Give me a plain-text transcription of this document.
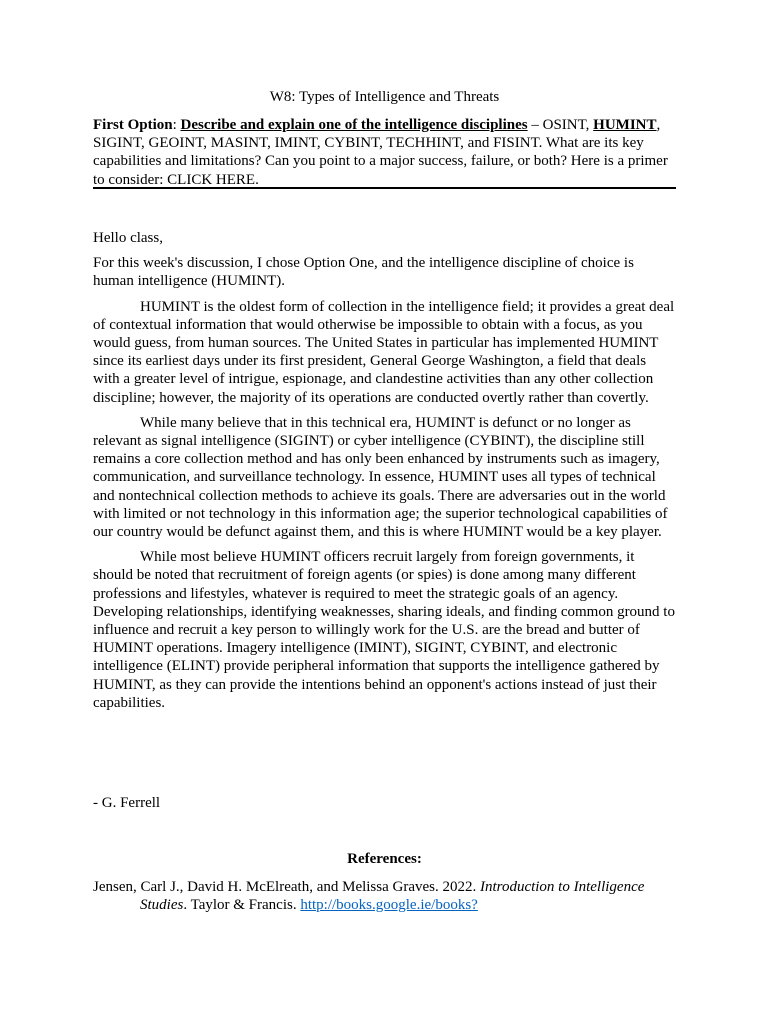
W8: Types of Intelligence and Threats

First Option: Describe and explain one of the intelligence disciplines – OSINT, HUMINT, SIGINT, GEOINT, MASINT, IMINT, CYBINT, TECHHINT, and FISINT. What are its key capabilities and limitations? Can you point to a major success, failure, or both? Here is a primer to consider: CLICK HERE.

Hello class,

For this week's discussion, I chose Option One, and the intelligence discipline of choice is human intelligence (HUMINT).

HUMINT is the oldest form of collection in the intelligence field; it provides a great deal of contextual information that would otherwise be impossible to obtain with a focus, as you would guess, from human sources. The United States in particular has implemented HUMINT since its earliest days under its first president, General George Washington, a field that deals with a greater level of intrigue, espionage, and clandestine activities than any other collection discipline; however, the majority of its operations are conducted overtly rather than covertly.

While many believe that in this technical era, HUMINT is defunct or no longer as relevant as signal intelligence (SIGINT) or cyber intelligence (CYBINT), the discipline still remains a core collection method and has only been enhanced by instruments such as imagery, communication, and surveillance technology. In essence, HUMINT uses all types of technical and nontechnical collection methods to achieve its goals. There are adversaries out in the world with limited or not technology in this information age; the superior technological capabilities of our country would be defunct against them, and this is where HUMINT would be a key player.

While most believe HUMINT officers recruit largely from foreign governments, it should be noted that recruitment of foreign agents (or spies) is done among many different professions and lifestyles, whatever is required to meet the strategic goals of an agency. Developing relationships, identifying weaknesses, sharing ideals, and finding common ground to influence and recruit a key person to willingly work for the U.S. are the bread and butter of HUMINT operations. Imagery intelligence (IMINT), SIGINT, CYBINT, and electronic intelligence (ELINT) provide peripheral information that supports the intelligence gathered by HUMINT, as they can provide the intentions behind an opponent's actions instead of just their capabilities.

- G. Ferrell
References:
Jensen, Carl J., David H. McElreath, and Melissa Graves. 2022. Introduction to Intelligence Studies. Taylor & Francis. http://books.google.ie/books?
